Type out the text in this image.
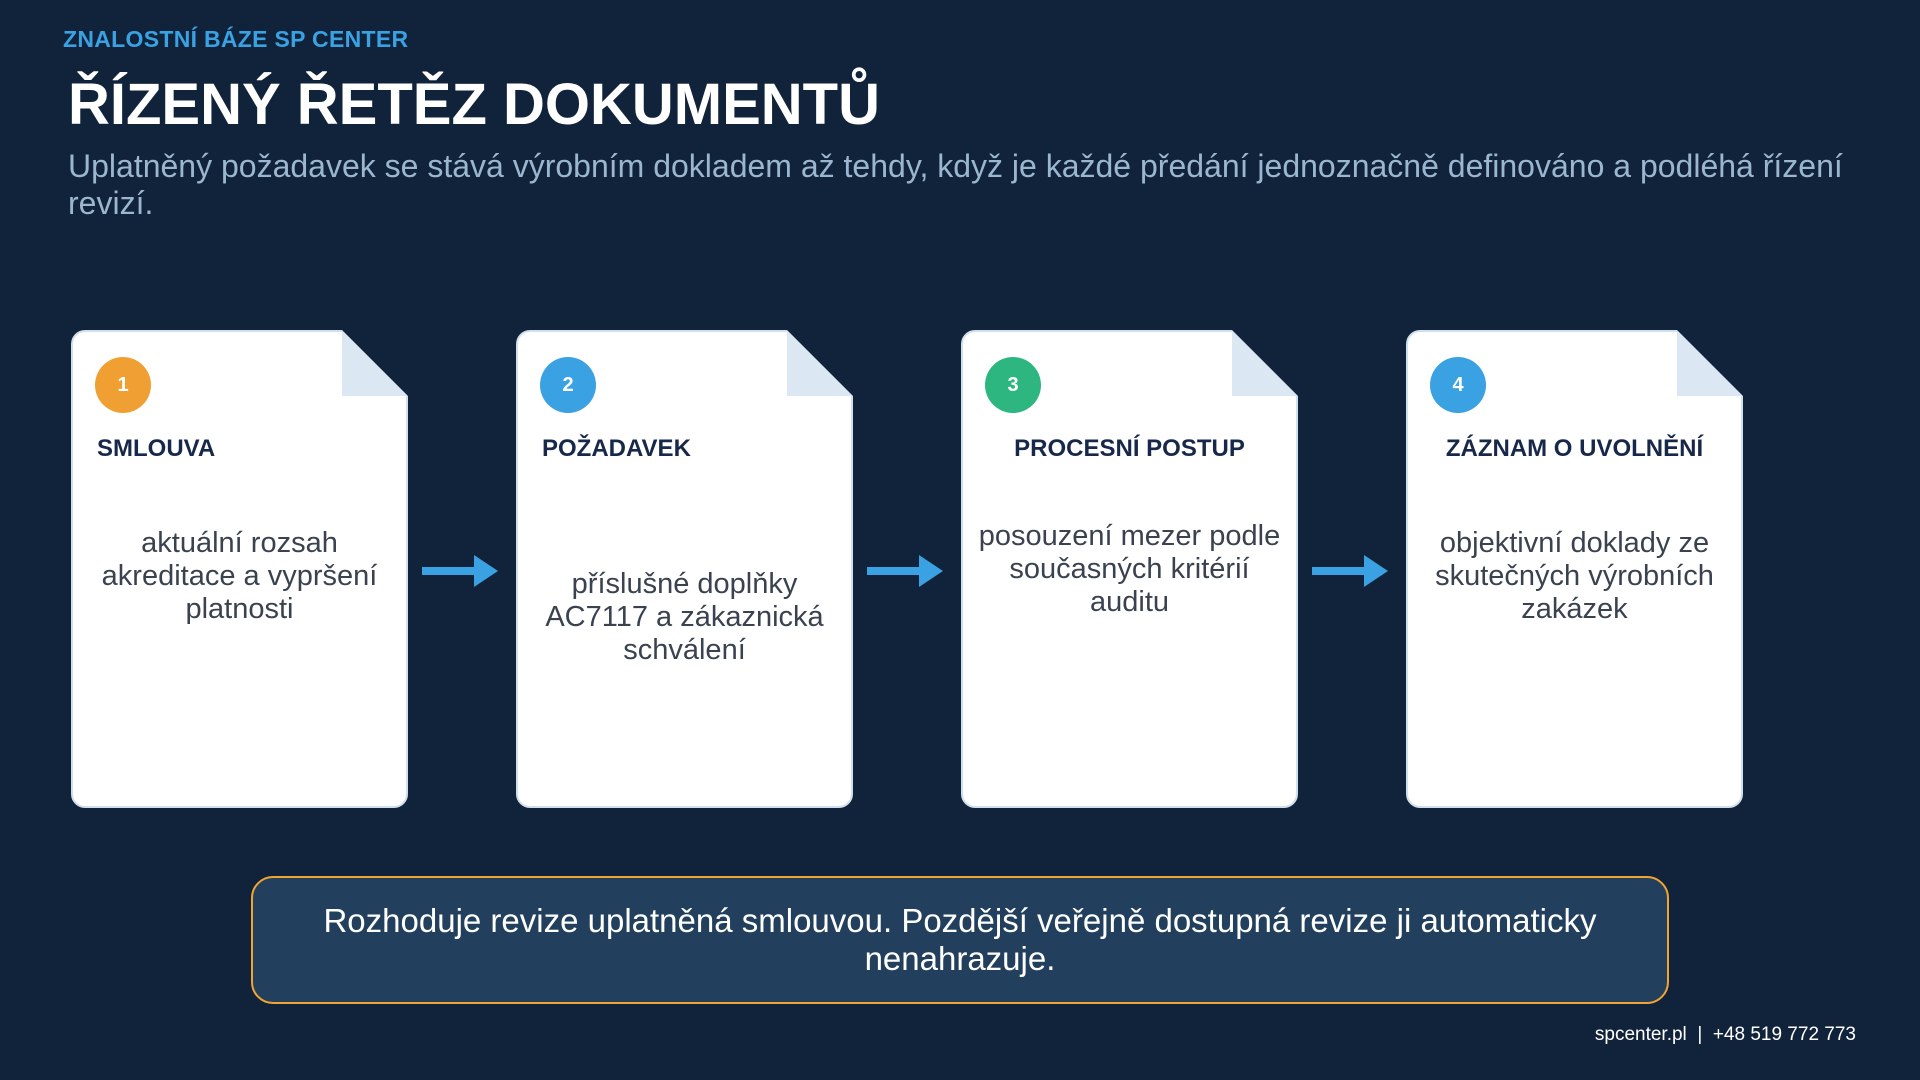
ZNALOSTNÍ BÁZE SP CENTER
ŘÍZENÝ ŘETĚZ DOKUMENTŮ

Uplatněný požadavek se stává výrobním dokladem až tehdy, když je každé předání jednoznačně definováno a podléhá řízení revizí.

1
SMLOUVA
aktuální rozsah akreditace a vypršení platnosti
2
POŽADAVEK
příslušné doplňky AC7117 a zákaznická schválení
3
PROCESNÍ POSTUP
posouzení mezer podle současných kritérií auditu
4
ZÁZNAM O UVOLNĚNÍ
objektivní doklady ze skutečných výrobních zakázek
Rozhoduje revize uplatněná smlouvou. Pozdější veřejně dostupná revize ji automaticky nenahrazuje.
spcenter.pl  |  +48 519 772 773
